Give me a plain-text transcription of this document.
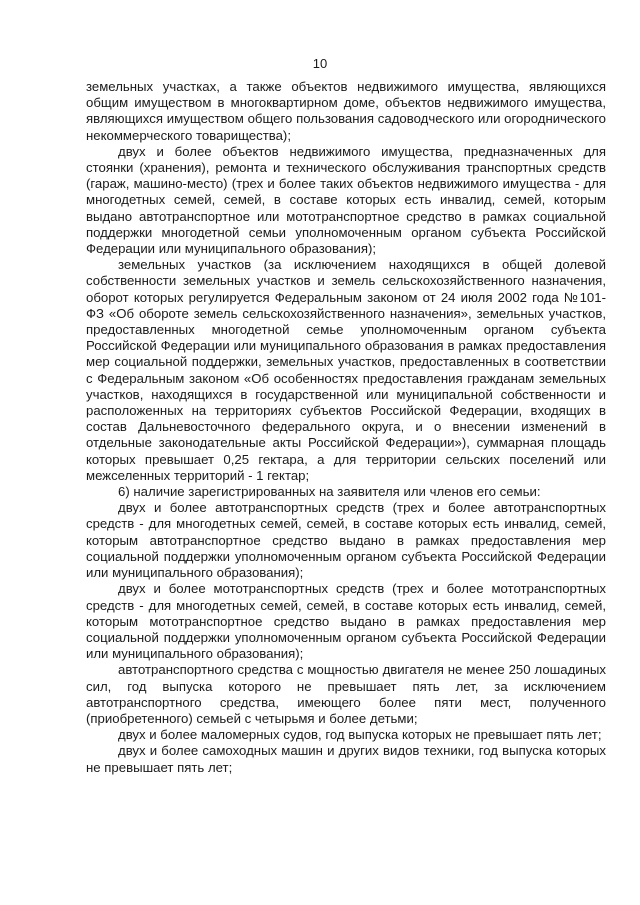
10

земельных участках, а также объектов недвижимого имущества, являющихся общим имуществом в многоквартирном доме, объектов недвижимого имущества, являющихся имуществом общего пользования садоводческого или огороднического некоммерческого товарищества);

двух и более объектов недвижимого имущества, предназначенных для стоянки (хранения), ремонта и технического обслуживания транспортных средств (гараж, машино-место) (трех и более таких объектов недвижимого имущества - для многодетных семей, семей, в составе которых есть инвалид, семей, которым выдано автотранспортное или мототранспортное средство в рамках социальной поддержки многодетной семьи уполномоченным органом субъекта Российской Федерации или муниципального образования);

земельных участков (за исключением находящихся в общей долевой собственности земельных участков и земель сельскохозяйственного назначения, оборот которых регулируется Федеральным законом от 24 июля 2002 года №101-ФЗ «Об обороте земель сельскохозяйственного назначения», земельных участков, предоставленных многодетной семье уполномоченным органом субъекта Российской Федерации или муниципального образования в рамках предоставления мер социальной поддержки, земельных участков, предоставленных в соответствии с Федеральным законом «Об особенностях предоставления гражданам земельных участков, находящихся в государственной или муниципальной собственности и расположенных на территориях субъектов Российской Федерации, входящих в состав Дальневосточного федерального округа, и о внесении изменений в отдельные законодательные акты Российской Федерации»), суммарная площадь которых превышает 0,25 гектара, а для территории сельских поселений или межселенных территорий - 1 гектар;

6) наличие зарегистрированных на заявителя или членов его семьи:

двух и более автотранспортных средств (трех и более автотранспортных средств - для многодетных семей, семей, в составе которых есть инвалид, семей, которым автотранспортное средство выдано в рамках предоставления мер социальной поддержки уполномоченным органом субъекта Российской Федерации или муниципального образования);

двух и более мототранспортных средств (трех и более мототранспортных средств - для многодетных семей, семей, в составе которых есть инвалид, семей, которым мототранспортное средство выдано в рамках предоставления мер социальной поддержки уполномоченным органом субъекта Российской Федерации или муниципального образования);

автотранспортного средства с мощностью двигателя не менее 250 лошадиных сил, год выпуска которого не превышает пять лет, за исключением автотранспортного средства, имеющего более пяти мест, полученного (приобретенного) семьей с четырьмя и более детьми;

двух и более маломерных судов, год выпуска которых не превышает пять лет;

двух и более самоходных машин и других видов техники, год выпуска которых не превышает пять лет;
